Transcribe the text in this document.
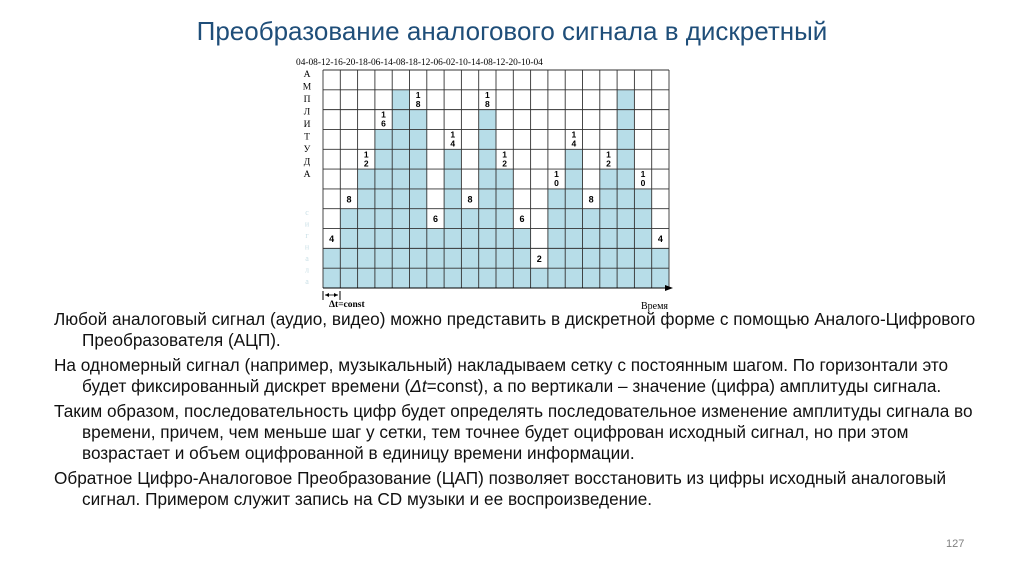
Преобразование аналогового сигнала в дискретный
4
8
1
2
1
6
1
8
6
1
4
8
1
8
1
2
6
2
1
0
1
4
8
1
2
1
0
4
04-08-12-16-20-18-06-14-08-18-12-06-02-10-14-08-12-20-10-04
А
М
П
Л
И
Т
У
Д
А
с
и
г
н
а
л
а
Время
Δt=const

Любой аналоговый сигнал (аудио, видео) можно представить в дискретной форме с помощью Аналого-Цифрового Преобразователя (АЦП).

На одномерный сигнал (например, музыкальный) накладываем сетку с постоянным шагом. По горизонтали это будет фиксированный дискрет времени (Δt=const), а по вертикали – значение (цифра) амплитуды сигнала.

Таким образом, последовательность цифр будет определять последовательное изменение амплитуды сигнала во времени, причем, чем меньше шаг у сетки, тем точнее будет оцифрован исходный сигнал, но при этом возрастает и объем оцифрованной в единицу времени информации.

Обратное Цифро-Аналоговое Преобразование (ЦАП) позволяет восстановить из цифры исходный аналоговый сигнал. Примером служит запись на CD музыки и ее воспроизведение.

127
